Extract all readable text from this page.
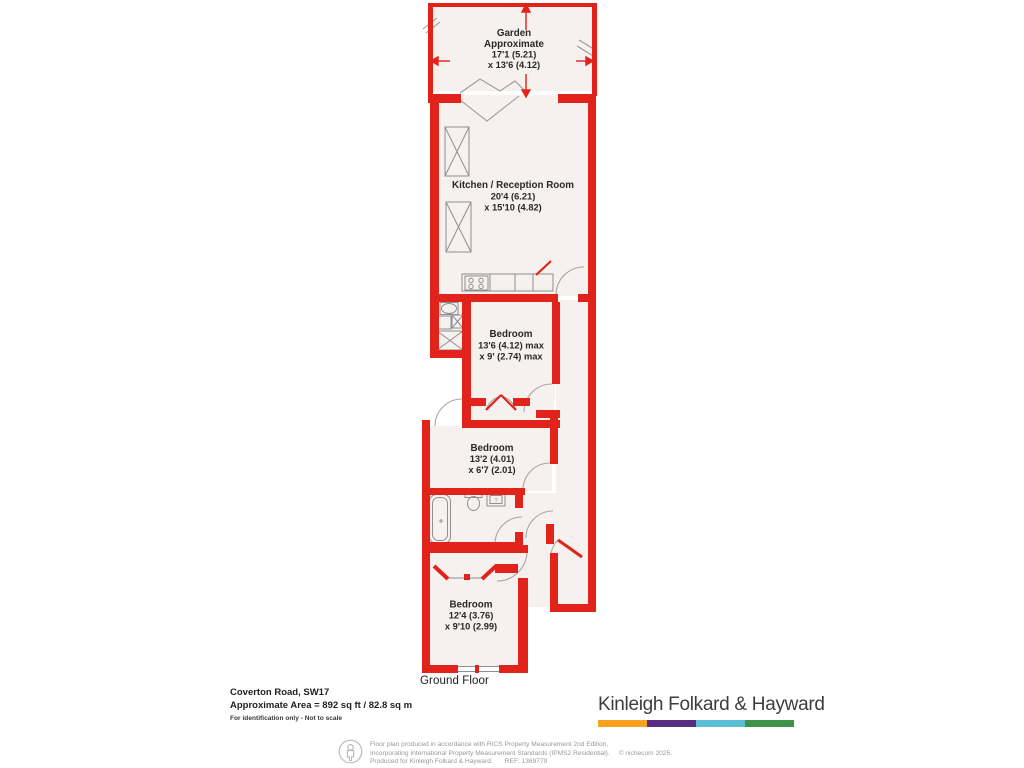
?
Garden
Approximate
17'1 (5.21)
x 13'6 (4.12)
Kitchen / Reception Room
20'4 (6.21)
x 15'10 (4.82)
Bedroom
13'6 (4.12) max
x 9' (2.74) max
Bedroom
13'2 (4.01)
x 6'7 (2.01)
Bedroom
12'4 (3.76)
x 9'10 (2.99)
Ground Floor
Coverton Road, SW17
Approximate Area = 892 sq ft / 82.8 sq m
For identification only - Not to scale
Kinleigh Folkard & Hayward
Floor plan produced in accordance with RICS Property Measurement 2nd Edition,
Incorporating International Property Measurement Standards (IPMS2 Residential). © nichecom 2025.
Produced for Kinleigh Folkard & Hayward. REF: 1369779
